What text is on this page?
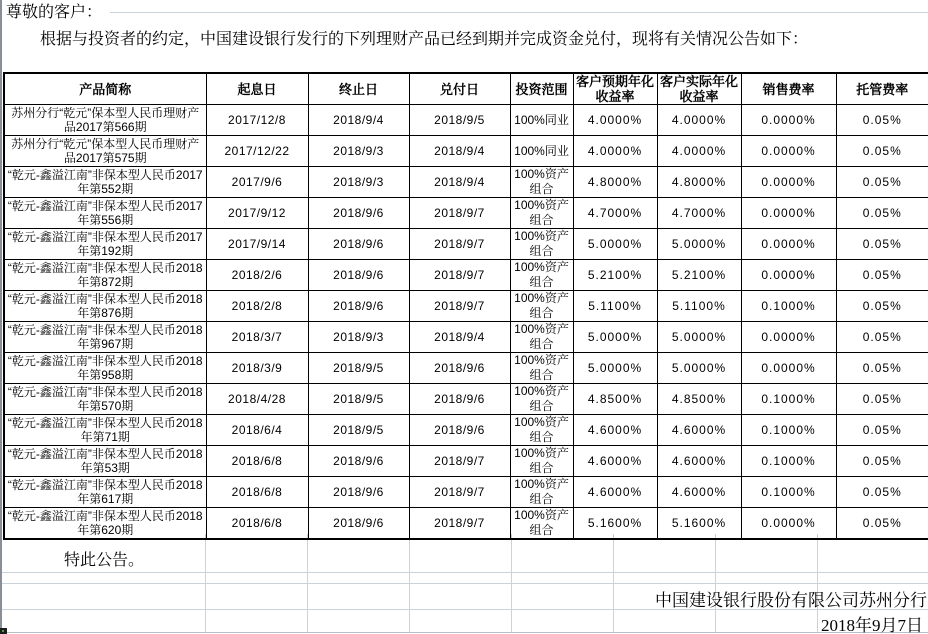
尊敬的客户：
根据与投资者的约定，中国建设银行发行的下列理财产品已经到期并完成资金兑付，现将有关情况公告如下：
产品简称	起息日	终止日	兑付日	投资范围	客户预期年化收益率	客户实际年化收益率	销售费率	托管费率
苏州分行“乾元”保本型人民币理财产品2017第566期	2017/12/8	2018/9/4	2018/9/5	100%同业	4.0000%	4.0000%	0.0000%	0.05%
苏州分行“乾元”保本型人民币理财产品2017第575期	2017/12/22	2018/9/3	2018/9/4	100%同业	4.0000%	4.0000%	0.0000%	0.05%
“乾元-鑫溢江南”非保本型人民币2017年第552期	2017/9/6	2018/9/3	2018/9/4	100%资产组合	4.8000%	4.8000%	0.0000%	0.05%
“乾元-鑫溢江南”非保本型人民币2017年第556期	2017/9/12	2018/9/6	2018/9/7	100%资产组合	4.7000%	4.7000%	0.0000%	0.05%
“乾元-鑫溢江南”非保本型人民币2017年第192期	2017/9/14	2018/9/6	2018/9/7	100%资产组合	5.0000%	5.0000%	0.0000%	0.05%
“乾元-鑫溢江南”非保本型人民币2018年第872期	2018/2/6	2018/9/6	2018/9/7	100%资产组合	5.2100%	5.2100%	0.0000%	0.05%
“乾元-鑫溢江南”非保本型人民币2018年第876期	2018/2/8	2018/9/6	2018/9/7	100%资产组合	5.1100%	5.1100%	0.1000%	0.05%
“乾元-鑫溢江南”非保本型人民币2018年第967期	2018/3/7	2018/9/3	2018/9/4	100%资产组合	5.0000%	5.0000%	0.0000%	0.05%
“乾元-鑫溢江南”非保本型人民币2018年第958期	2018/3/9	2018/9/5	2018/9/6	100%资产组合	5.0000%	5.0000%	0.0000%	0.05%
“乾元-鑫溢江南”非保本型人民币2018年第570期	2018/4/28	2018/9/5	2018/9/6	100%资产组合	4.8500%	4.8500%	0.1000%	0.05%
“乾元-鑫溢江南”非保本型人民币2018年第71期	2018/6/4	2018/9/5	2018/9/6	100%资产组合	4.6000%	4.6000%	0.1000%	0.05%
“乾元-鑫溢江南”非保本型人民币2018年第53期	2018/6/8	2018/9/6	2018/9/7	100%资产组合	4.6000%	4.6000%	0.1000%	0.05%
“乾元-鑫溢江南”非保本型人民币2018年第617期	2018/6/8	2018/9/6	2018/9/7	100%资产组合	4.6000%	4.6000%	0.1000%	0.05%
“乾元-鑫溢江南”非保本型人民币2018年第620期	2018/6/8	2018/9/6	2018/9/7	100%资产组合	5.1600%	5.1600%	0.0000%	0.05%
特此公告。
中国建设银行股份有限公司苏州分行
2018年9月7日
